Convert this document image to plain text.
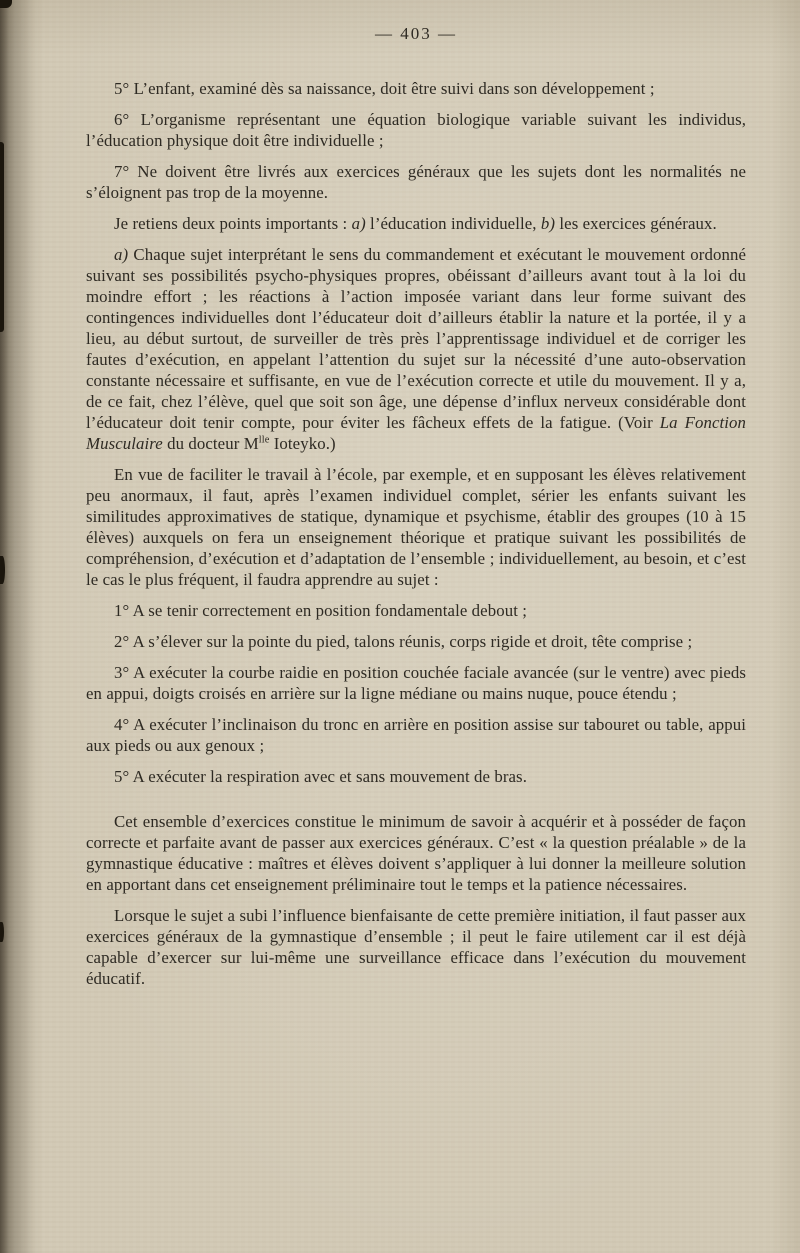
— 403 —

5° L’enfant, examiné dès sa naissance, doit être suivi dans son développement ;

6° L’organisme représentant une équation biologique variable suivant les individus, l’éducation physique doit être individuelle ;

7° Ne doivent être livrés aux exercices généraux que les sujets dont les normalités ne s’éloignent pas trop de la moyenne.

Je retiens deux points importants : a) l’éducation individuelle, b) les exercices généraux.

a) Chaque sujet interprétant le sens du commandement et exécutant le mouvement ordonné suivant ses possibilités psycho-physiques propres, obéissant d’ailleurs avant tout à la loi du moindre effort ; les réactions à l’action imposée variant dans leur forme suivant des contingences individuelles dont l’éducateur doit d’ailleurs établir la nature et la portée, il y a lieu, au début surtout, de surveiller de très près l’apprentissage individuel et de corriger les fautes d’exécution, en appelant l’attention du sujet sur la nécessité d’une auto-observation constante nécessaire et suffisante, en vue de l’exécution correcte et utile du mouvement. Il y a, de ce fait, chez l’élève, quel que soit son âge, une dépense d’influx nerveux considérable dont l’éducateur doit tenir compte, pour éviter les fâcheux effets de la fatigue. (Voir La Fonction Musculaire du docteur $M^{lle}$ Ioteyko.)

En vue de faciliter le travail à l’école, par exemple, et en supposant les élèves relativement peu anormaux, il faut, après l’examen individuel complet, sérier les enfants suivant les similitudes approximatives de statique, dynamique et psychisme, établir des groupes (10 à 15 élèves) auxquels on fera un enseignement théorique et pratique suivant les possibilités de compréhension, d’exécution et d’adaptation de l’ensemble ; individuellement, au besoin, et c’est le cas le plus fréquent, il faudra apprendre au sujet :

1° A se tenir correctement en position fondamentale debout ;

2° A s’élever sur la pointe du pied, talons réunis, corps rigide et droit, tête comprise ;

3° A exécuter la courbe raidie en position couchée faciale avancée (sur le ventre) avec pieds en appui, doigts croisés en arrière sur la ligne médiane ou mains nuque, pouce étendu ;

4° A exécuter l’inclinaison du tronc en arrière en position assise sur tabouret ou table, appui aux pieds ou aux genoux ;

5° A exécuter la respiration avec et sans mouvement de bras.

Cet ensemble d’exercices constitue le minimum de savoir à acquérir et à posséder de façon correcte et parfaite avant de passer aux exercices généraux. C’est « la question préalable » de la gymnastique éducative : maîtres et élèves doivent s’appliquer à lui donner la meilleure solution en apportant dans cet enseignement préliminaire tout le temps et la patience nécessaires.

Lorsque le sujet a subi l’influence bienfaisante de cette première initiation, il faut passer aux exercices généraux de la gymnastique d’ensemble ; il peut le faire utilement car il est déjà capable d’exercer sur lui-même une surveillance efficace dans l’exécution du mouvement éducatif.
